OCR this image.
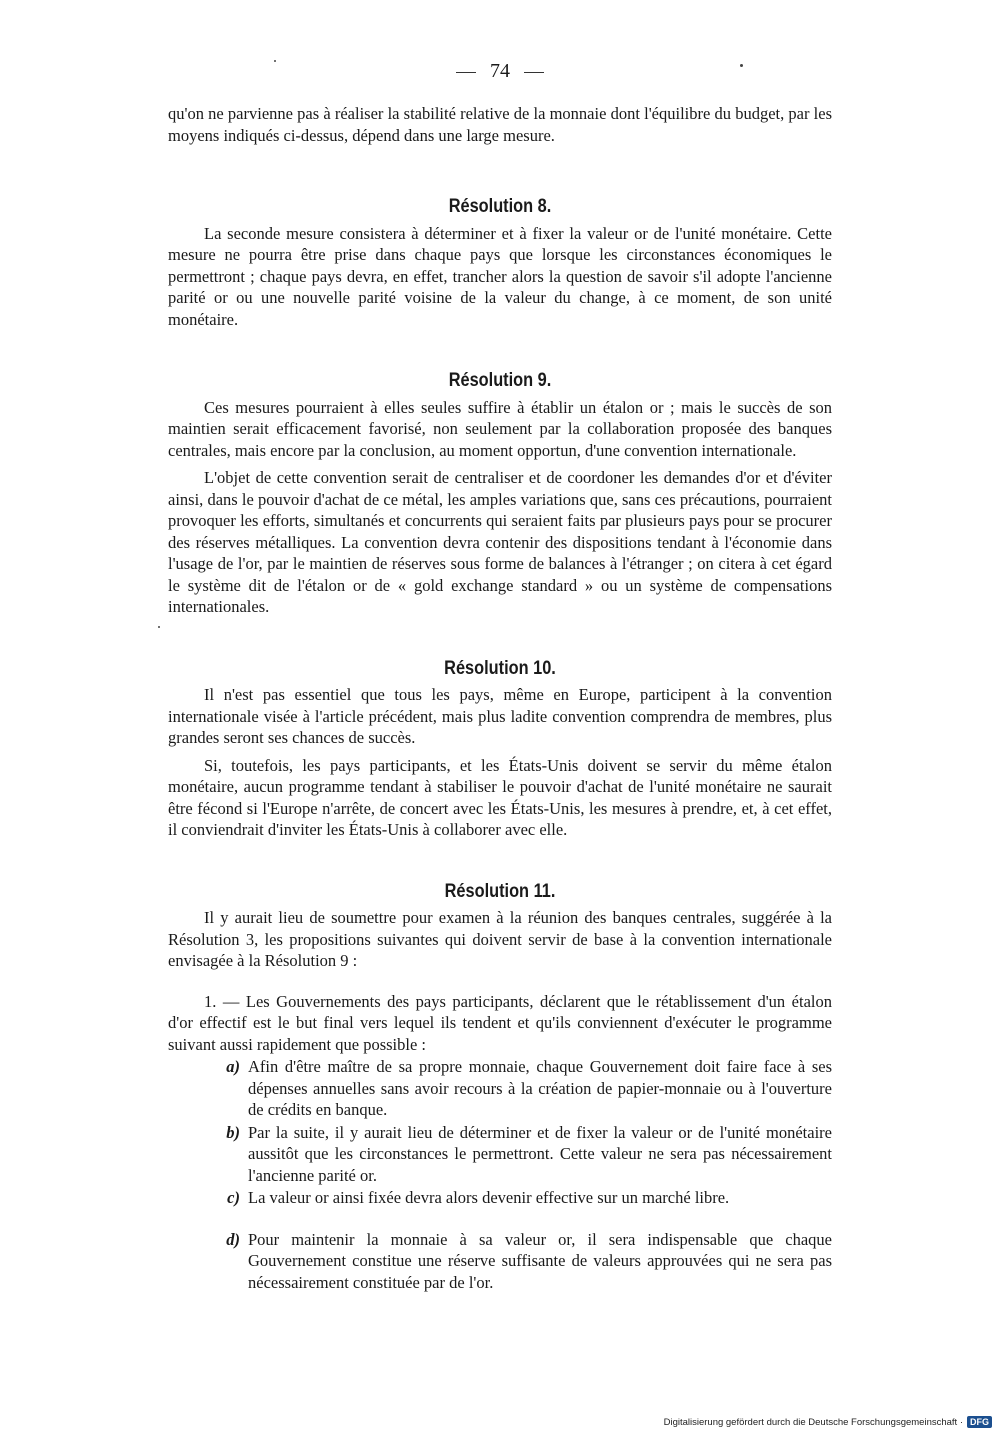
74

qu'on ne parvienne pas à réaliser la stabilité relative de la monnaie dont l'équilibre du budget, par les moyens indiqués ci-dessus, dépend dans une large mesure.

Résolution 8.

La seconde mesure consistera à déterminer et à fixer la valeur or de l'unité monétaire. Cette mesure ne pourra être prise dans chaque pays que lorsque les circonstances économiques le permettront ; chaque pays devra, en effet, trancher alors la question de savoir s'il adopte l'ancienne parité or ou une nouvelle parité voisine de la valeur du change, à ce moment, de son unité monétaire.

Résolution 9.

Ces mesures pourraient à elles seules suffire à établir un étalon or ; mais le succès de son maintien serait efficacement favorisé, non seulement par la collaboration proposée des banques centrales, mais encore par la conclusion, au moment opportun, d'une convention internationale.

L'objet de cette convention serait de centraliser et de coordoner les demandes d'or et d'éviter ainsi, dans le pouvoir d'achat de ce métal, les amples variations que, sans ces précautions, pourraient provoquer les efforts, simultanés et concurrents qui seraient faits par plusieurs pays pour se procurer des réserves métalliques. La convention devra contenir des dispositions tendant à l'économie dans l'usage de l'or, par le maintien de réserves sous forme de balances à l'étranger ; on citera à cet égard le système dit de l'étalon or de « gold exchange standard » ou un système de compensations internationales.

Résolution 10.

Il n'est pas essentiel que tous les pays, même en Europe, participent à la convention internationale visée à l'article précédent, mais plus ladite convention comprendra de membres, plus grandes seront ses chances de succès.

Si, toutefois, les pays participants, et les États-Unis doivent se servir du même étalon monétaire, aucun programme tendant à stabiliser le pouvoir d'achat de l'unité monétaire ne saurait être fécond si l'Europe n'arrête, de concert avec les États-Unis, les mesures à prendre, et, à cet effet, il conviendrait d'inviter les États-Unis à collaborer avec elle.

Résolution 11.

Il y aurait lieu de soumettre pour examen à la réunion des banques centrales, suggérée à la Résolution 3, les propositions suivantes qui doivent servir de base à la convention internationale envisagée à la Résolution 9 :

1. — Les Gouvernements des pays participants, déclarent que le rétablissement d'un étalon d'or effectif est le but final vers lequel ils tendent et qu'ils conviennent d'exécuter le programme suivant aussi rapidement que possible :

a) Afin d'être maître de sa propre monnaie, chaque Gouvernement doit faire face à ses dépenses annuelles sans avoir recours à la création de papier-monnaie ou à l'ouverture de crédits en banque.
b) Par la suite, il y aurait lieu de déterminer et de fixer la valeur or de l'unité monétaire aussitôt que les circonstances le permettront. Cette valeur ne sera pas nécessairement l'ancienne parité or.
c) La valeur or ainsi fixée devra alors devenir effective sur un marché libre.
d) Pour maintenir la monnaie à sa valeur or, il sera indispensable que chaque Gouvernement constitue une réserve suffisante de valeurs approuvées qui ne sera pas nécessairement constituée par de l'or.
Digitalisierung gefördert durch die Deutsche Forschungsgemeinschaft · DFG
